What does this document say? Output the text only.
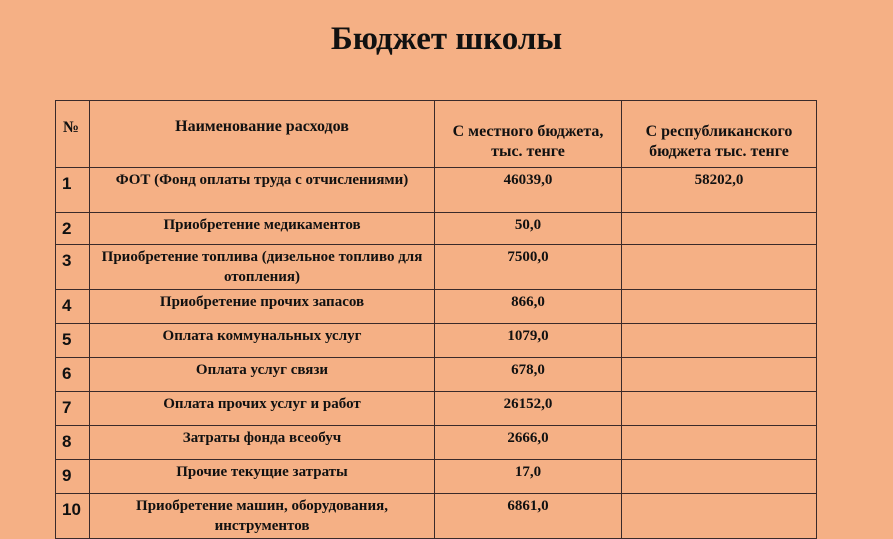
Бюджет школы
№	Наименование расходов	С местного бюджета, тыс. тенге	С республиканского бюджета тыс. тенге

1	ФОТ (Фонд оплаты труда с отчислениями)	46039,0	58202,0
2	Приобретение медикаментов	50,0	
3	Приобретение топлива (дизельное топливо для отопления)	7500,0	
4	Приобретение прочих запасов	866,0	
5	Оплата коммунальных услуг	1079,0	
6	Оплата услуг связи	678,0	
7	Оплата прочих услуг и работ	26152,0	
8	Затраты фонда всеобуч	2666,0	
9	Прочие текущие затраты	17,0	
10	Приобретение машин, оборудования, инструментов	6861,0	
